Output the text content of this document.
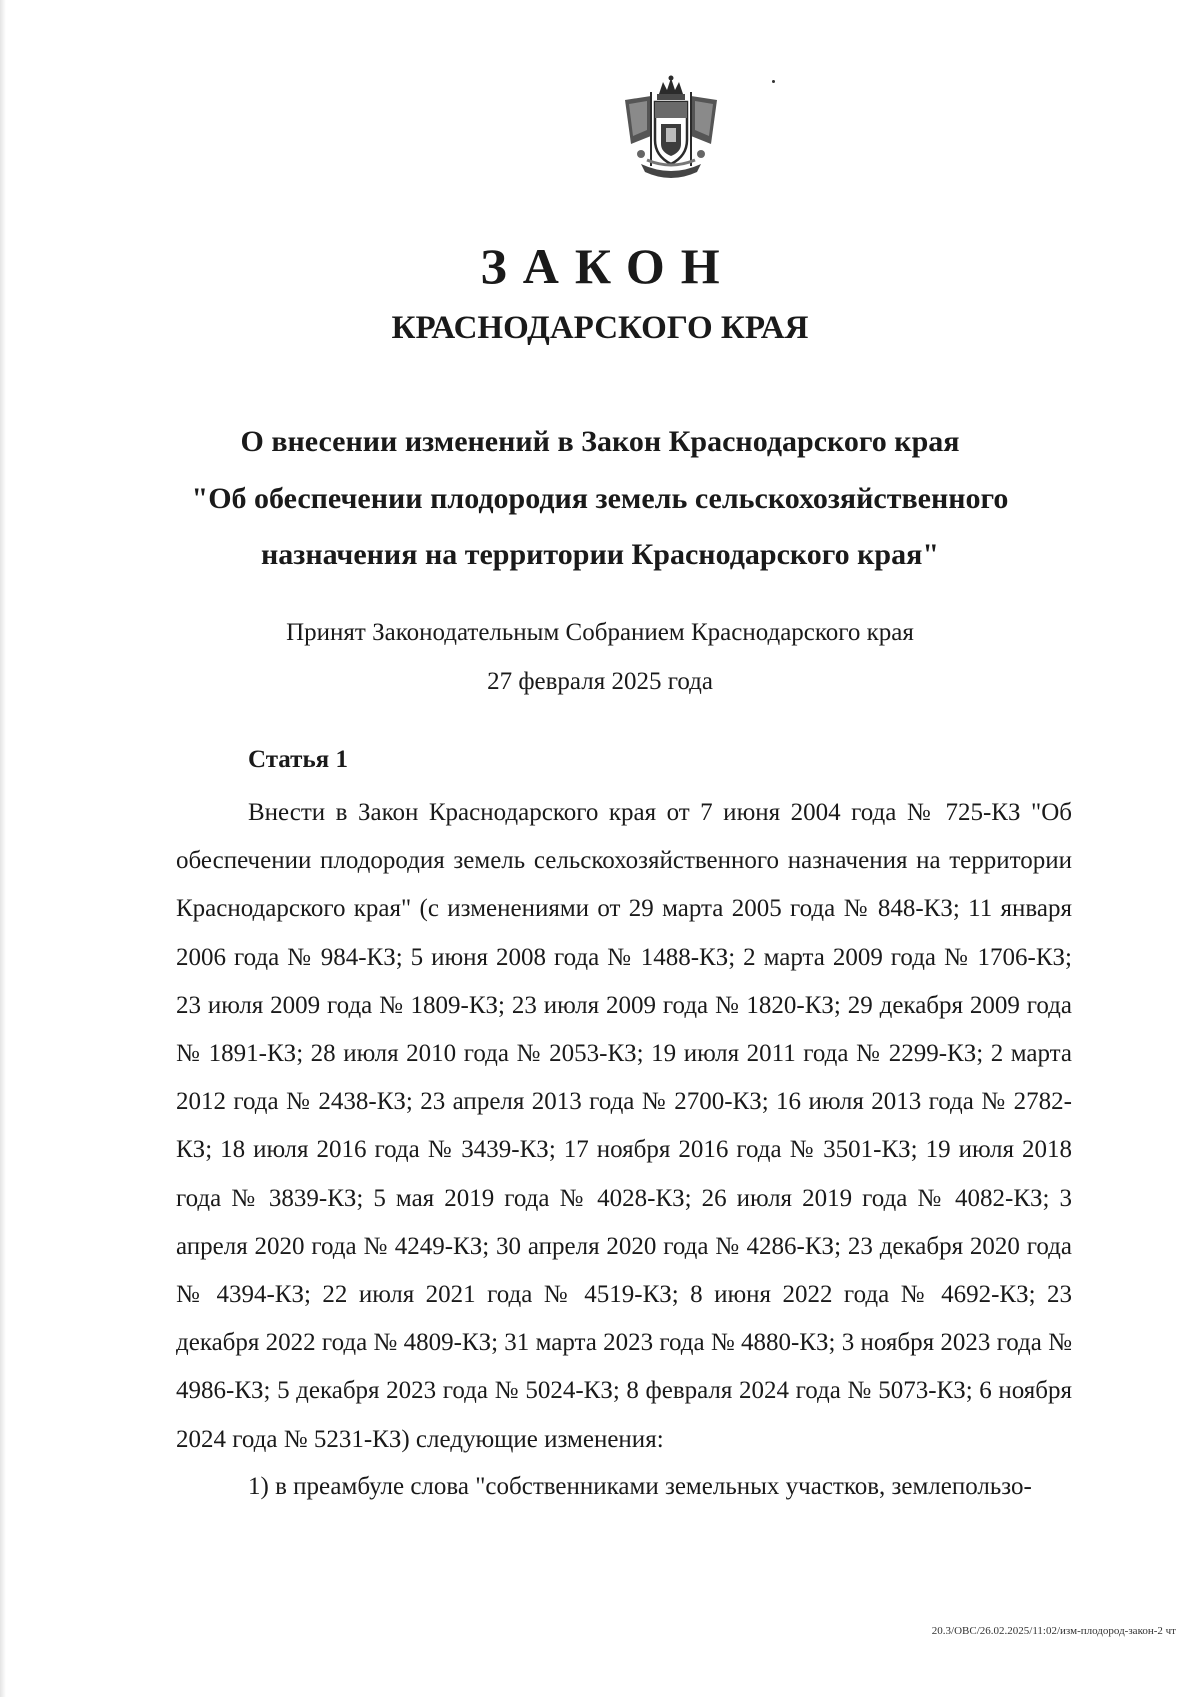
ЗАКОН
КРАСНОДАРСКОГО КРАЯ
О внесении изменений в Закон Краснодарского края
"Об обеспечении плодородия земель сельскохозяйственного
назначения на территории Краснодарского края"
Принят Законодательным Собранием Краснодарского края
27 февраля 2025 года
Статья 1

Внести в Закон Краснодарского края от 7 июня 2004 года № 725-КЗ "Об обеспечении плодородия земель сельскохозяйственного назначения на территории Краснодарского края" (с изменениями от 29 марта 2005 года № 848-КЗ; 11 января 2006 года № 984-КЗ; 5 июня 2008 года № 1488-КЗ; 2 марта 2009 года № 1706-КЗ; 23 июля 2009 года № 1809-КЗ; 23 июля 2009 года № 1820-КЗ; 29 декабря 2009 года № 1891-КЗ; 28 июля 2010 года № 2053-КЗ; 19 июля 2011 года № 2299-КЗ; 2 марта 2012 года № 2438-КЗ; 23 апреля 2013 года № 2700-КЗ; 16 июля 2013 года № 2782-КЗ; 18 июля 2016 года № 3439-КЗ; 17 ноября 2016 года № 3501-КЗ; 19 июля 2018 года № 3839-КЗ; 5 мая 2019 года № 4028-КЗ; 26 июля 2019 года № 4082-КЗ; 3 апреля 2020 года № 4249-КЗ; 30 апреля 2020 года № 4286-КЗ; 23 декабря 2020 года № 4394-КЗ; 22 июля 2021 года № 4519-КЗ; 8 июня 2022 года № 4692-КЗ; 23 декабря 2022 года № 4809-КЗ; 31 марта 2023 года № 4880-КЗ; 3 ноября 2023 года № 4986-КЗ; 5 декабря 2023 года № 5024-КЗ; 8 февраля 2024 года № 5073-КЗ; 6 ноября 2024 года № 5231-КЗ) следующие изменения:

1) в преамбуле слова "собственниками земельных участков, землепользо-

20.3/ОВС/26.02.2025/11:02/изм-плодород-закон-2 чт
